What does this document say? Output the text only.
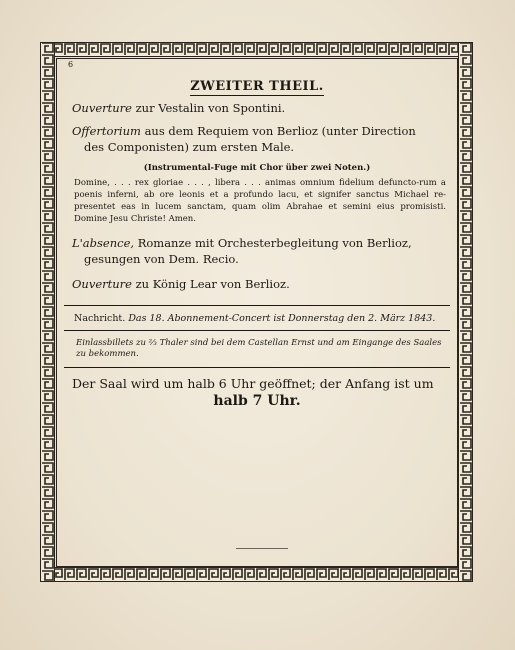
6
ZWEITER THEIL.
Ouverture zur Vestalin von Spontini.
Offertorium aus dem Requiem von Berlioz (unter Direction
des Componisten) zum ersten Male.
(Instrumental-Fuge mit Chor über zwei Noten.)
Domine, . . . rex gloriae . . . , libera . . . animas omnium fidelium defuncto-rum a poenis inferni, ab ore leonis et a profundo lacu, et signifer sanctus Michael re-presentet eas in lucem sanctam, quam olim Abrahae et semini eius promisisti. Domine Jesu Christe! Amen.
L'absence, Romanze mit Orchesterbegleitung von Berlioz,
gesungen von Dem. Recio.
Ouverture zu König Lear von Berlioz.
Nachricht. Das 18. Abonnement-Concert ist Donnerstag den 2. März 1843.
Einlassbillets zu ⅔ Thaler sind bei dem Castellan Ernst und am Eingange des Saales zu bekommen.
Der Saal wird um halb 6 Uhr geöffnet; der Anfang ist um
halb 7 Uhr.
